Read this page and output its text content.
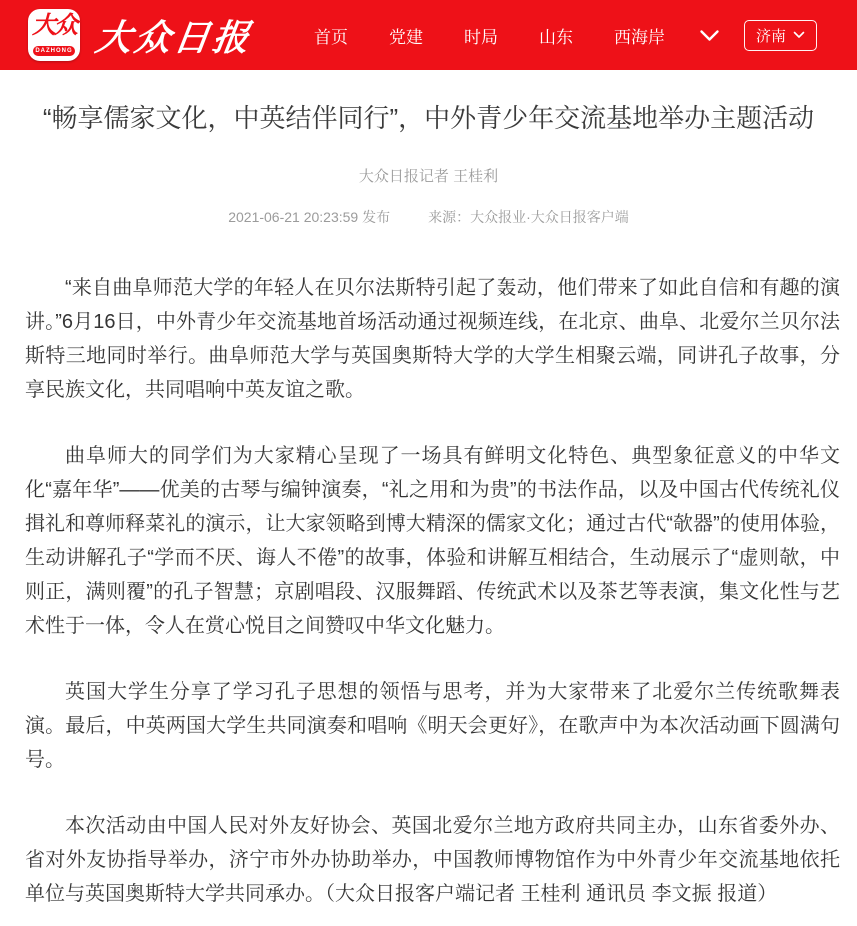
大众
DAZHONG 大众日报	首页 党建 时局 山东 西海岸	济南
“畅享儒家文化，中英结伴同行”，中外青少年交流基地举办主题活动
大众日报记者 王桂利
2021-06-21 20:23:59 发布	来源：大众报业·大众日报客户端

“来自曲阜师范大学的年轻人在贝尔法斯特引起了轰动，他们带来了如此自信和有趣的演讲。”6月16日，中外青少年交流基地首场活动通过视频连线，在北京、曲阜、北爱尔兰贝尔法斯特三地同时举行。曲阜师范大学与英国奥斯特大学的大学生相聚云端，同讲孔子故事，分享民族文化，共同唱响中英友谊之歌。

曲阜师大的同学们为大家精心呈现了一场具有鲜明文化特色、典型象征意义的中华文化“嘉年华”——优美的古琴与编钟演奏，“礼之用和为贵”的书法作品，以及中国古代传统礼仪揖礼和尊师释菜礼的演示，让大家领略到博大精深的儒家文化；通过古代“欹器”的使用体验，生动讲解孔子“学而不厌、诲人不倦”的故事，体验和讲解互相结合，生动展示了“虚则欹，中则正，满则覆”的孔子智慧；京剧唱段、汉服舞蹈、传统武术以及茶艺等表演，集文化性与艺术性于一体，令人在赏心悦目之间赞叹中华文化魅力。

英国大学生分享了学习孔子思想的领悟与思考，并为大家带来了北爱尔兰传统歌舞表演。最后，中英两国大学生共同演奏和唱响《明天会更好》，在歌声中为本次活动画下圆满句号。

本次活动由中国人民对外友好协会、英国北爱尔兰地方政府共同主办，山东省委外办、省对外友协指导举办，济宁市外办协助举办，中国教师博物馆作为中外青少年交流基地依托单位与英国奥斯特大学共同承办。（大众日报客户端记者 王桂利 通讯员 李文振 报道）
